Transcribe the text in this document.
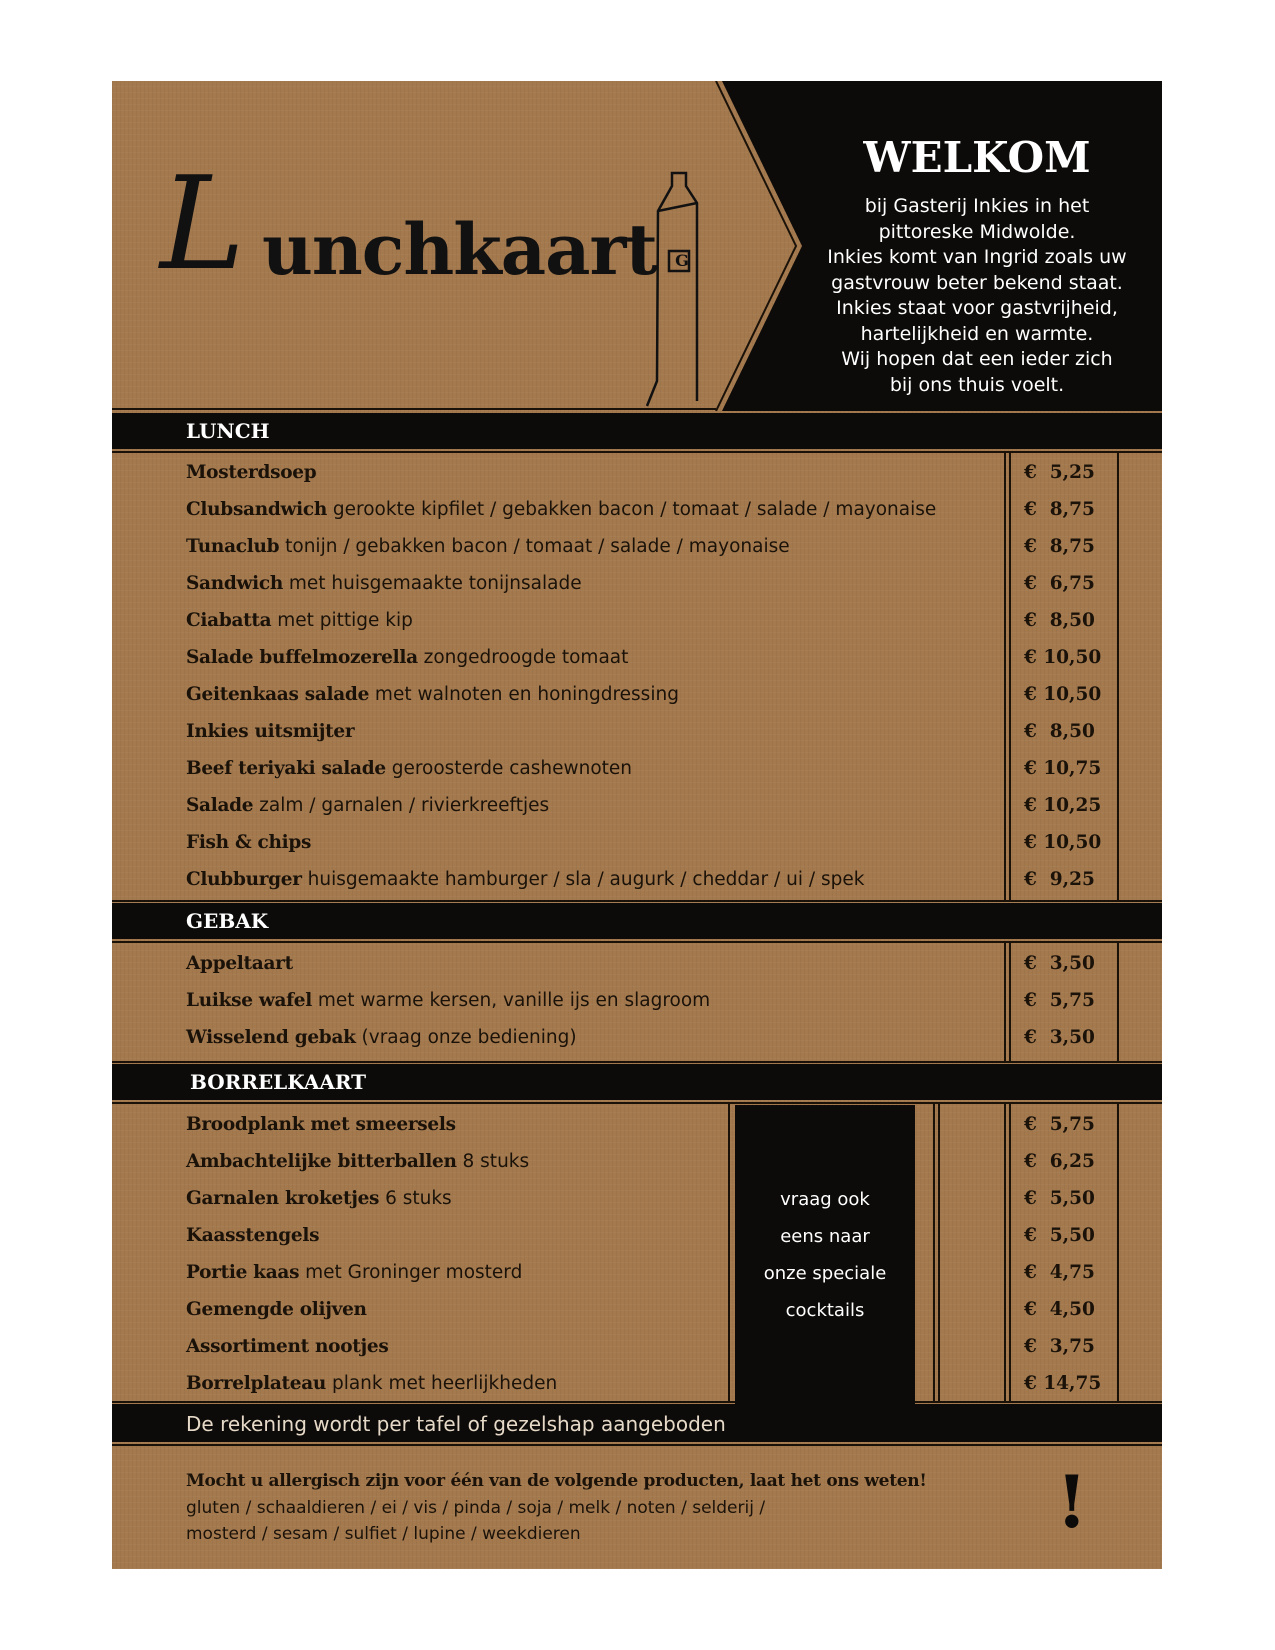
L unchkaart G
WELKOM
bij Gasterij Inkies in het
pittoreske Midwolde.
Inkies komt van Ingrid zoals uw
gastvrouw beter bekend staat.
Inkies staat voor gastvrijheid,
hartelijkheid en warmte.
Wij hopen dat een ieder zich
bij ons thuis voelt.
LUNCH
GEBAK
BORRELKAART
De rekening wordt per tafel of gezelshap aangeboden
Mosterdsoep	€  5,25
Clubsandwich gerookte kipfilet / gebakken bacon / tomaat / salade / mayonaise	€  8,75
Tunaclub tonijn / gebakken bacon / tomaat / salade / mayonaise	€  8,75
Sandwich met huisgemaakte tonijnsalade	€  6,75
Ciabatta met pittige kip	€  8,50
Salade buffelmozerella zongedroogde tomaat	€ 10,50
Geitenkaas salade met walnoten en honingdressing	€ 10,50
Inkies uitsmijter	€  8,50
Beef teriyaki salade geroosterde cashewnoten	€ 10,75
Salade zalm / garnalen / rivierkreeftjes	€ 10,25
Fish & chips	€ 10,50
Clubburger huisgemaakte hamburger / sla / augurk / cheddar / ui / spek	€  9,25
Appeltaart	€  3,50
Luikse wafel met warme kersen, vanille ijs en slagroom	€  5,75
Wisselend gebak (vraag onze bediening)	€  3,50
Broodplank met smeersels	€  5,75
Ambachtelijke bitterballen 8 stuks	€  6,25
Garnalen kroketjes 6 stuks	€  5,50
Kaasstengels	€  5,50
Portie kaas met Groninger mosterd	€  4,75
Gemengde olijven	€  4,50
Assortiment nootjes	€  3,75
Borrelplateau plank met heerlijkheden	€ 14,75
vraag ook
eens naar
onze speciale
cocktails
Mocht u allergisch zijn voor één van de volgende producten, laat het ons weten!
gluten / schaaldieren / ei / vis / pinda / soja / melk / noten / selderij /
mosterd / sesam / sulfiet / lupine / weekdieren	!
